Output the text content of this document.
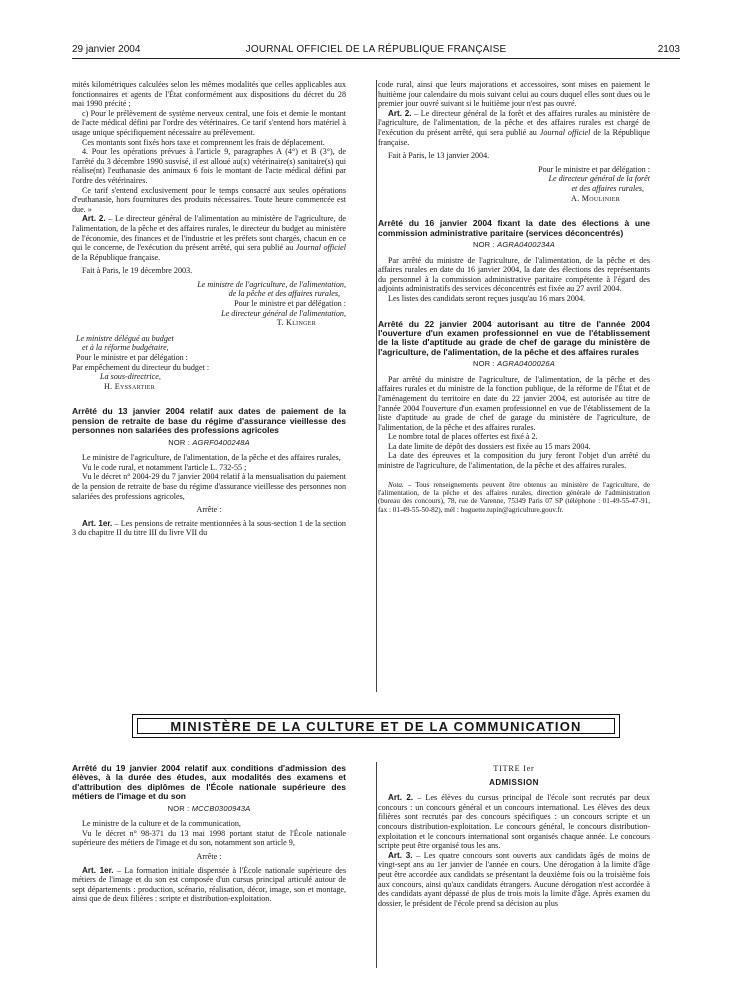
29 janvier 2004	JOURNAL OFFICIEL DE LA RÉPUBLIQUE FRANÇAISE	2103

mités kilométriques calculées selon les mêmes modalités que celles applicables aux fonctionnaires et agents de l'État conformément aux dispositions du décret du 28 mai 1990 précité ;

c) Pour le prélèvement de système nerveux central, une fois et demie le montant de l'acte médical défini par l'ordre des vétérinaires. Ce tarif s'entend hors matériel à usage unique spécifiquement nécessaire au prélèvement.

Ces montants sont fixés hors taxe et comprennent les frais de déplacement.

4. Pour les opérations prévues à l'article 9, paragraphes A (4°) et B (3°), de l'arrêté du 3 décembre 1990 susvisé, il est alloué au(x) vétérinaire(s) sanitaire(s) qui réalise(nt) l'euthanasie des animaux 6 fois le montant de l'acte médical défini par l'ordre des vétérinaires.

Ce tarif s'entend exclusivement pour le temps consacré aux seules opérations d'euthanasie, hors fournitures des produits nécessaires. Toute heure commencée est due. »

Art. 2. – Le directeur général de l'alimentation au ministère de l'agriculture, de l'alimentation, de la pêche et des affaires rurales, le directeur du budget au ministère de l'économie, des finances et de l'industrie et les préfets sont chargés, chacun en ce qui le concerne, de l'exécution du présent arrêté, qui sera publié au Journal officiel de la République française.

Fait à Paris, le 19 décembre 2003.

Le ministre de l'agriculture, de l'alimentation,
de la pêche et des affaires rurales,
Pour le ministre et par délégation :
Le directeur général de l'alimentation,
T. Klinger
Le ministre délégué au budget
et à la réforme budgétaire,
Pour le ministre et par délégation :
Par empêchement du directeur du budget :
La sous-directrice,
H. Eyssartier
Arrêté du 13 janvier 2004 relatif aux dates de paiement de la pension de retraite de base du régime d'assurance vieillesse des personnes non salariées des professions agricoles
NOR : AGRF0400248A

Le ministre de l'agriculture, de l'alimentation, de la pêche et des affaires rurales,

Vu le code rural, et notamment l'article L. 732-55 ;

Vu le décret n° 2004-29 du 7 janvier 2004 relatif à la mensualisation du paiement de la pension de retraite de base du régime d'assurance vieillesse des personnes non salariées des professions agricoles,

Arrête :

Art. 1er. – Les pensions de retraite mentionnées à la sous-section 1 de la section 3 du chapitre II du titre III du livre VII du

code rural, ainsi que leurs majorations et accessoires, sont mises en paiement le huitième jour calendaire du mois suivant celui au cours duquel elles sont dues ou le premier jour ouvré suivant si le huitième jour n'est pas ouvré.

Art. 2. – Le directeur général de la forêt et des affaires rurales au ministère de l'agriculture, de l'alimentation, de la pêche et des affaires rurales est chargé de l'exécution du présent arrêté, qui sera publié au Journal officiel de la République française.

Fait à Paris, le 13 janvier 2004.

Pour le ministre et par délégation :
Le directeur général de la forêt
et des affaires rurales,
A. Moulinier
Arrêté du 16 janvier 2004 fixant la date des élections à une commission administrative paritaire (services déconcentrés)
NOR : AGRA0400234A

Par arrêté du ministre de l'agriculture, de l'alimentation, de la pêche et des affaires rurales en date du 16 janvier 2004, la date des élections des représentants du personnel à la commission administrative paritaire compétente à l'égard des adjoints administratifs des services déconcentrés est fixée au 27 avril 2004.

Les listes des candidats seront reçues jusqu'au 16 mars 2004.

Arrêté du 22 janvier 2004 autorisant au titre de l'année 2004 l'ouverture d'un examen professionnel en vue de l'établissement de la liste d'aptitude au grade de chef de garage du ministère de l'agriculture, de l'alimentation, de la pêche et des affaires rurales
NOR : AGRA0400026A

Par arrêté du ministre de l'agriculture, de l'alimentation, de la pêche et des affaires rurales et du ministre de la fonction publique, de la réforme de l'État et de l'aménagement du territoire en date du 22 janvier 2004, est autorisée au titre de l'année 2004 l'ouverture d'un examen professionnel en vue de l'établissement de la liste d'aptitude au grade de chef de garage du ministère de l'agriculture, de l'alimentation, de la pêche et des affaires rurales.

Le nombre total de places offertes est fixé à 2.

La date limite de dépôt des dossiers est fixée au 15 mars 2004.

La date des épreuves et la composition du jury feront l'objet d'un arrêté du ministre de l'agriculture, de l'alimentation, de la pêche et des affaires rurales.

Nota. – Tous renseignements peuvent être obtenus au ministère de l'agriculture, de l'alimentation, de la pêche et des affaires rurales, direction générale de l'administration (bureau des concours), 78, rue de Varenne, 75349 Paris 07 SP (téléphone : 01-49-55-47-91, fax : 01-49-55-50-82), mél : huguette.tupin@agriculture.gouv.fr.

MINISTÈRE DE LA CULTURE ET DE LA COMMUNICATION
Arrêté du 19 janvier 2004 relatif aux conditions d'admission des élèves, à la durée des études, aux modalités des examens et d'attribution des diplômes de l'École nationale supérieure des métiers de l'image et du son
NOR : MCCB0300943A

Le ministre de la culture et de la communication,

Vu le décret n° 98-371 du 13 mai 1998 portant statut de l'École nationale supérieure des métiers de l'image et du son, notamment son article 9,

Arrête :

Art. 1er. – La formation initiale dispensée à l'École nationale supérieure des métiers de l'image et du son est composée d'un cursus principal articulé autour de sept départements : production, scénario, réalisation, décor, image, son et montage, ainsi que de deux filières : scripte et distribution-exploitation.

TITRE Ier

ADMISSION

Art. 2. – Les élèves du cursus principal de l'école sont recrutés par deux concours : un concours général et un concours international. Les élèves des deux filières sont recrutés par des concours spécifiques : un concours scripte et un concours distribution-exploitation. Le concours général, le concours distribution-exploitation et le concours international sont organisés chaque année. Le concours scripte peut être organisé tous les ans.

Art. 3. – Les quatre concours sont ouverts aux candidats âgés de moins de vingt-sept ans au 1er janvier de l'année en cours. Une dérogation à la limite d'âge peut être accordée aux candidats se présentant la deuxième fois ou la troisième fois aux concours, ainsi qu'aux candidats étrangers. Aucune dérogation n'est accordée à des candidats ayant dépassé de plus de trois mois la limite d'âge. Après examen du dossier, le président de l'école prend sa décision au plus
